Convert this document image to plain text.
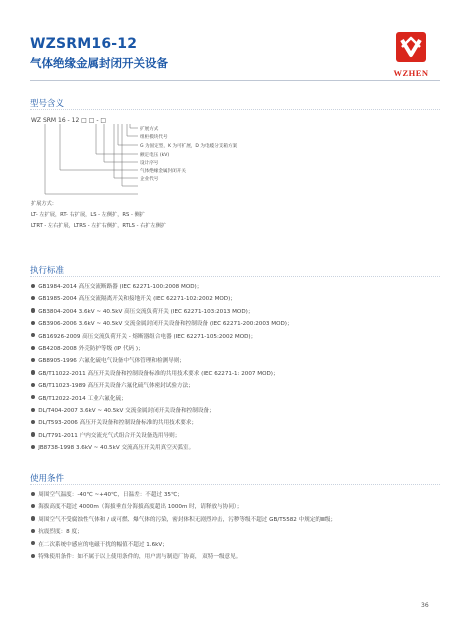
WZSRM16-12
气体绝缘金属封闭开关设备
WZHEN
型号含义
WZ SRM 16 - 12 □ □ - □
扩展方式
组柜模块代号
G 为固定型，K 为可扩展，D 为电缆分支箱方案
额定电压 (kV)
设计序号
气体绝缘金属封闭开关
企业代号
扩展方式：
LT- 左扩展，RT- 右扩展，LS - 左侧扩，RS - 侧扩
LTRT - 左右扩展，LTRS - 左扩右侧扩，RTLS - 右扩左侧扩
执行标准
GB1984-2014 高压交流断路器 (IEC 62271-100:2008 MOD)；
GB1985-2004 高压交流隔离开关和接地开关 (IEC 62271-102:2002 MOD)；
GB3804-2004 3.6kV ~ 40.5kV 高压交流负荷开关 (IEC 62271-103:2013 MOD)；
GB3906-2006 3.6kV ~ 40.5kV 交流金属封闭开关设备和控制设备 (IEC 62271-200:2003 MOD)；
GB16926-2009 高压交流负荷开关 - 熔断器组合电器 (IEC 62271-105:2002 MOD)；
GB4208-2008 外壳防护等级 (IP 代码 )；
GB8905-1996 六氟化硫电气设备中气体管理和检测导则；
GB/T11022-2011 高压开关设备和控制设备标准的共用技术要求 (IEC 62271-1: 2007 MOD)；
GB/T11023-1989 高压开关设备六氟化硫气体密封试验方法；
GB/T12022-2014 工业六氟化硫；
DL/T404-2007 3.6kV ~ 40.5kV 交流金属封闭开关设备和控制设备；
DL/T593-2006 高压开关设备和控制设备标准的共用技术要求；
DL/T791-2011 户内交流充气式组合开关设备选用导则；
JB8738-1998 3.6kV ~ 40.5kV 交流高压开关用真空灭弧室。
使用条件
周围空气温度：-40℃ ~+40℃，日温差：不超过 35℃；
海拔高度不超过 4000m（海拔垂直分海拔高度超出 1000m 时，请释放与协同）；
周围空气不受腐蚀性气体和 / 或可燃、爆气体的污染，密封体积无剧烈冲击，污秽等级不超过 GB/T5582 中规定的Ⅲ级；
抗震烈度：8 度；
在二次系统中感应的电磁干扰的幅值不超过 1.6kV；
特殊使用条件：如不属于以上使用条件的，用户需与制造厂协商， 双特一级意见。
36
